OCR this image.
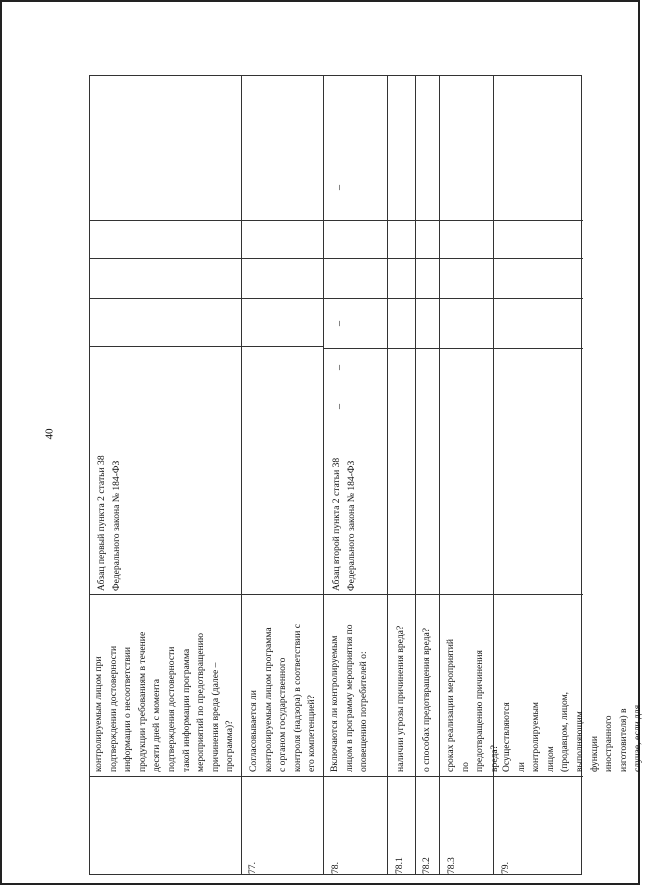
40
контролируемым лицом при
подтверждении достоверности
информации о несоответствии
продукции требованиям в течение
десяти дней с момента
подтверждения достоверности
такой информации программа
мероприятий по предотвращению
причинения вреда (далее –
программа)?
Абзац первый пункта 2 статьи 38
Федерального закона № 184-ФЗ
77.
Согласовывается ли
контролируемым лицом программа
с органом государственного
контроля (надзора) в соответствии с
его компетенцией?
78.
Включаются ли контролируемым
лицом в программу мероприятия по
оповещению потребителей о:
Абзац второй пункта 2 статьи 38
Федерального закона № 184-ФЗ
–
–
–
–
78.1
наличии угрозы причинения вреда?
78.2
о способах предотвращения вреда?
78.3
сроках реализации мероприятий по
предотвращению причинения
вреда?
79.
Осуществляются ли
контролируемым лицом
(продавцом, лицом, выполняющим
функции иностранного
изготовителя) в случае, если для
